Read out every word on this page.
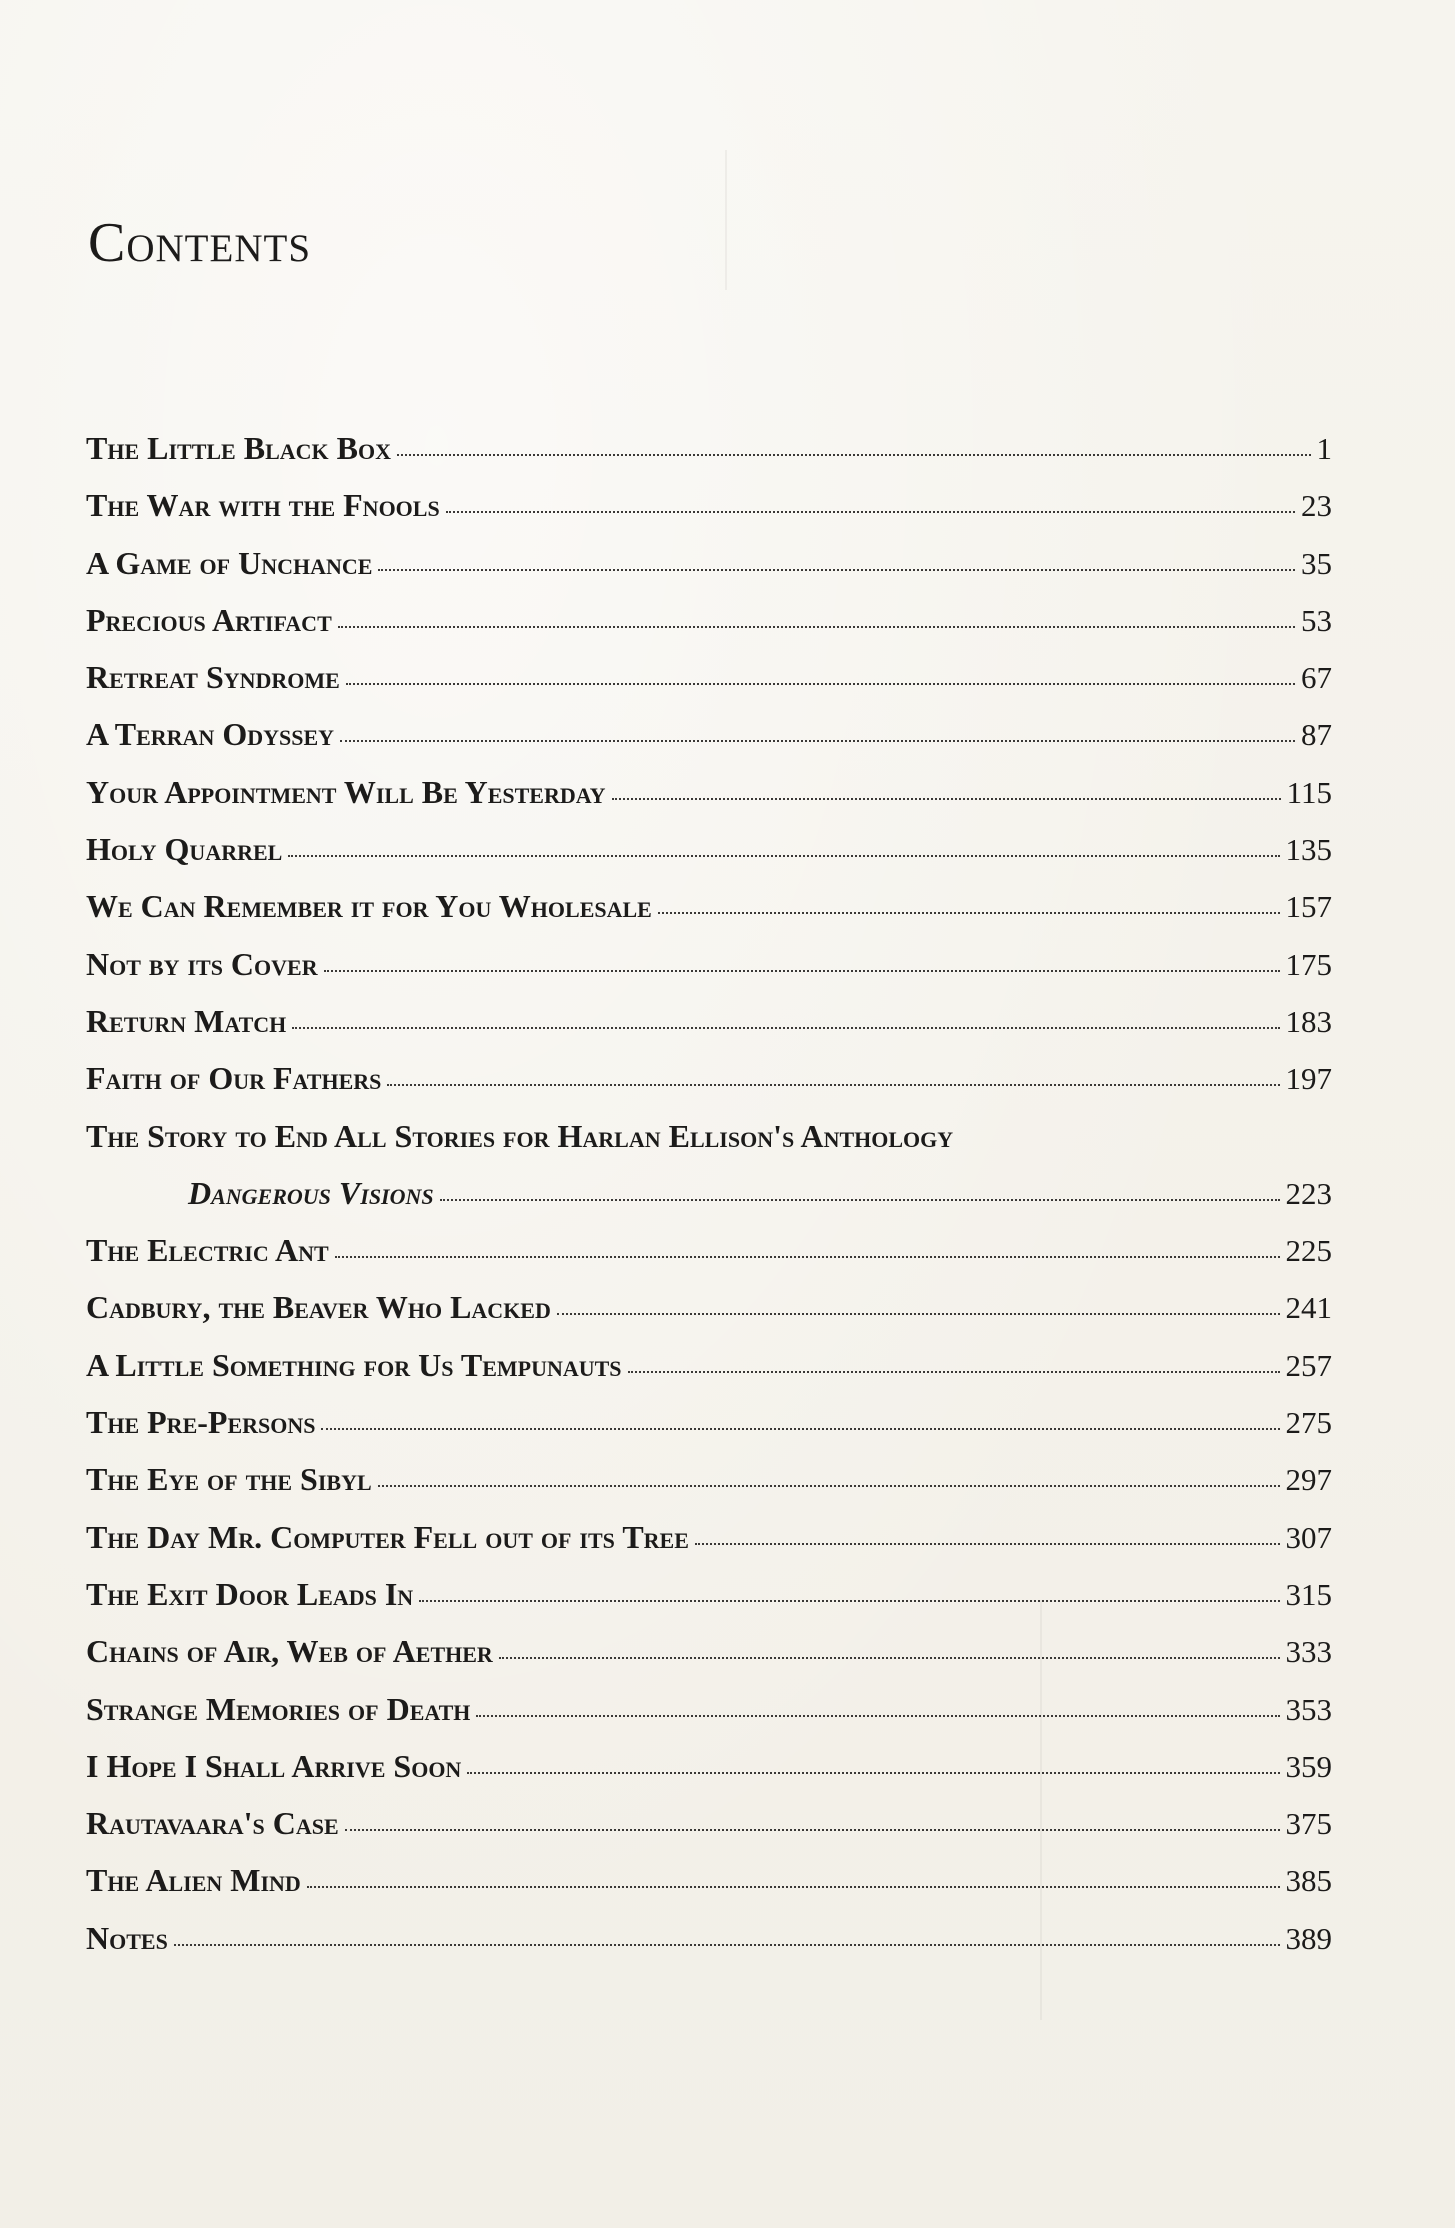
Contents
The Little Black Box	1
The War with the Fnools	23
A Game of Unchance	35
Precious Artifact	53
Retreat Syndrome	67
A Terran Odyssey	87
Your Appointment Will Be Yesterday	115
Holy Quarrel	135
We Can Remember it for You Wholesale	157
Not by its Cover	175
Return Match	183
Faith of Our Fathers	197
The Story to End All Stories for Harlan Ellison's Anthology
Dangerous Visions	223
The Electric Ant	225
Cadbury, the Beaver Who Lacked	241
A Little Something for Us Tempunauts	257
The Pre-Persons	275
The Eye of the Sibyl	297
The Day Mr. Computer Fell out of its Tree	307
The Exit Door Leads In	315
Chains of Air, Web of Aether	333
Strange Memories of Death	353
I Hope I Shall Arrive Soon	359
Rautavaara's Case	375
The Alien Mind	385
Notes	389
